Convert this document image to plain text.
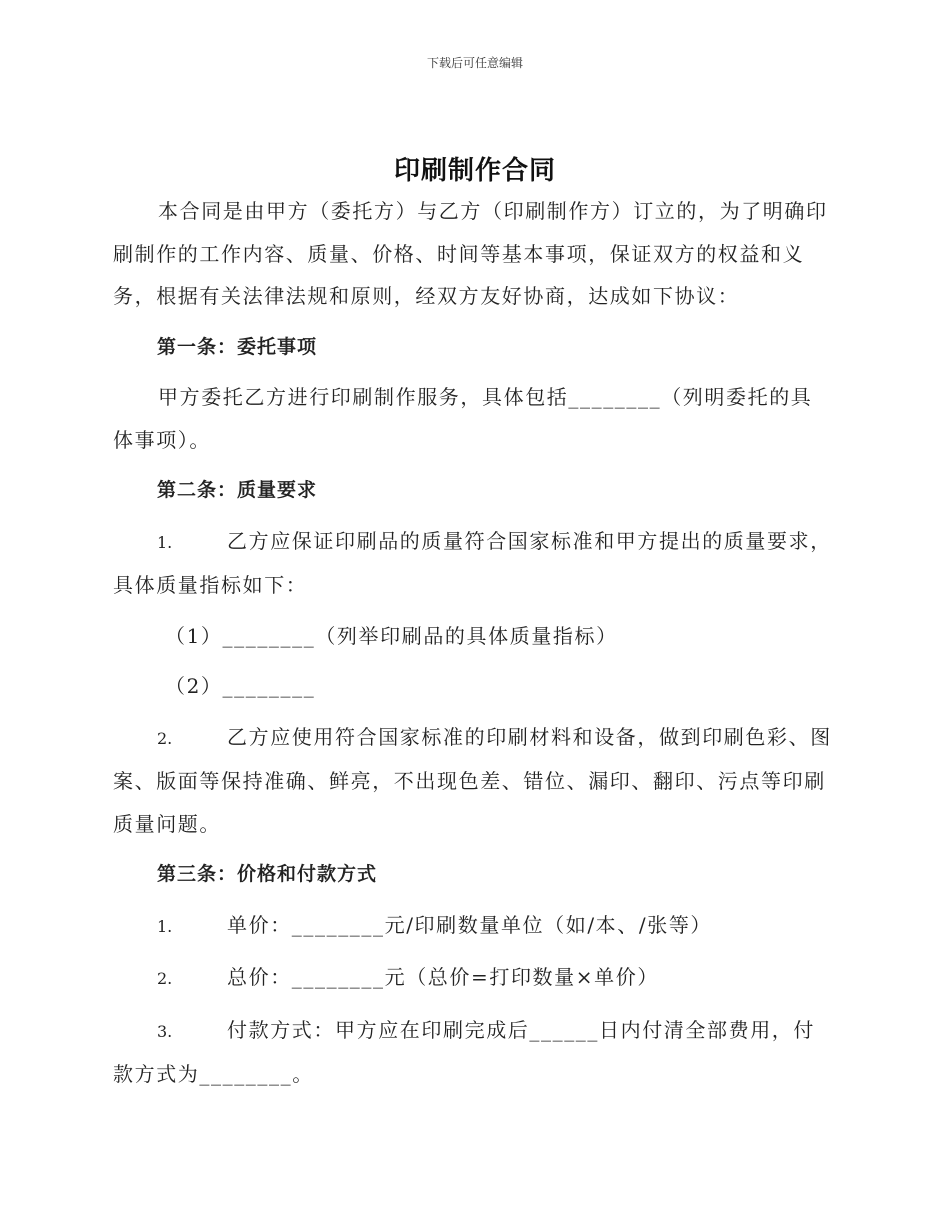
下载后可任意编辑
印刷制作合同

本合同是由甲方（委托方）与乙方（印刷制作方）订立的，为了明确印刷制作的工作内容、质量、价格、时间等基本事项，保证双方的权益和义务，根据有关法律法规和原则，经双方友好协商，达成如下协议：

第一条：委托事项

甲方委托乙方进行印刷制作服务，具体包括________（列明委托的具体事项）。

第二条：质量要求

1.	乙方应保证印刷品的质量符合国家标准和甲方提出的质量要求，具体质量指标如下：

（1）________（列举印刷品的具体质量指标）

（2）________

2.	乙方应使用符合国家标准的印刷材料和设备，做到印刷色彩、图案、版面等保持准确、鲜亮，不出现色差、错位、漏印、翻印、污点等印刷质量问题。

第三条：价格和付款方式

1.	单价：________元/印刷数量单位（如/本、/张等）

2.	总价：________元（总价=打印数量×单价）

3.	付款方式：甲方应在印刷完成后______日内付清全部费用，付款方式为________。
